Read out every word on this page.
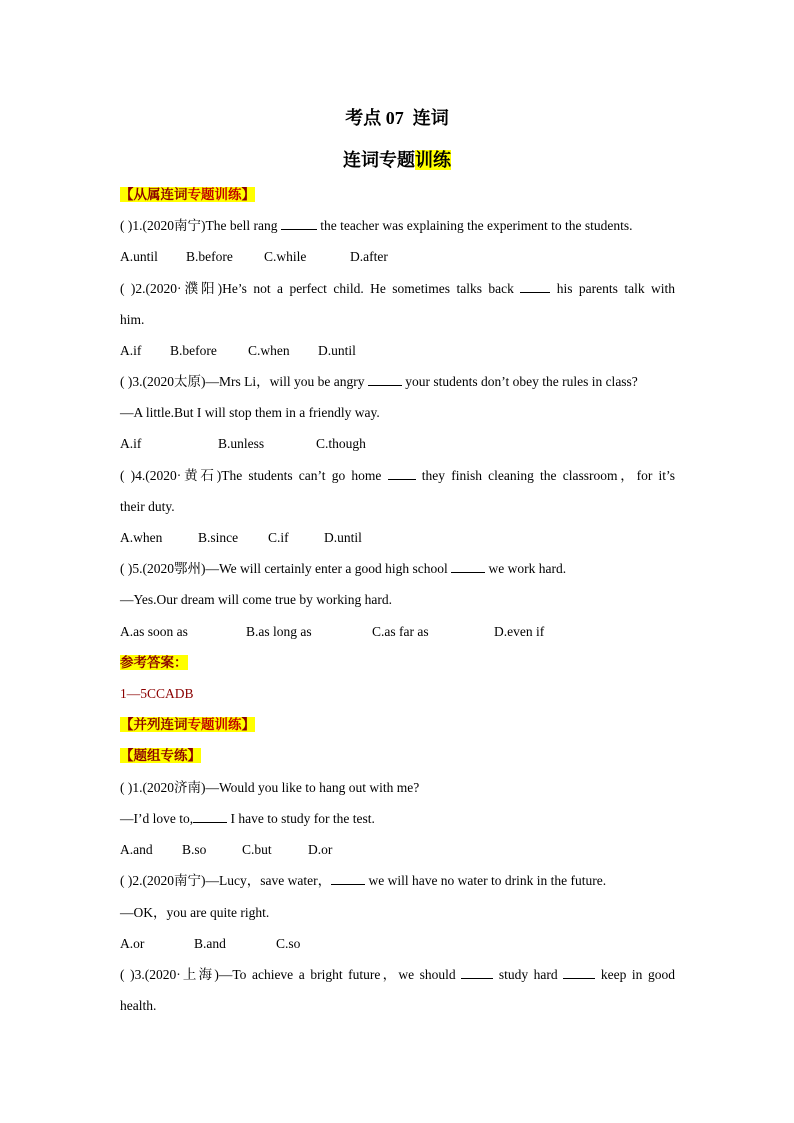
考点 07 连词
连词专题训练
【从属连词专题训练】
( )1.(2020南宁)The bell rang	the teacher was explaining the experiment to the students.
A.until B.before C.while	D.after
( )2.(2020·濮阳)He’s not a perfect child. He sometimes talks back  his parents talk with
him.
A.if B.before C.when D.until
( )3.(2020太原)—Mrs Li，will you be angry	your students don’t obey the rules in class?
—A little.But I will stop them in a friendly way.
A.if	B.unless	C.though
( )4.(2020·黄石)The students can’t go home  they finish cleaning the classroom，for it’s
their duty.
A.when	B.since C.if	D.until
( )5.(2020鄂州)—We will certainly enter a good high school	we work hard.
—Yes.Our dream will come true by working hard.
A.as soon as	B.as long as	C.as far as	D.even if
参考答案：
1—5CCADB
【并列连词专题训练】
【题组专练】
( )1.(2020济南)—Would you like to hang out with me?
—I’d love to,	I have to study for the test.
A.and B.so	C.but	D.or
( )2.(2020南宁)—Lucy，save water，	we will have no water to drink in the future.
—OK，you are quite right.
A.or	B.and	C.so
( )3.(2020·上海)—To achieve a bright future，we should  study hard  keep in good
health.
